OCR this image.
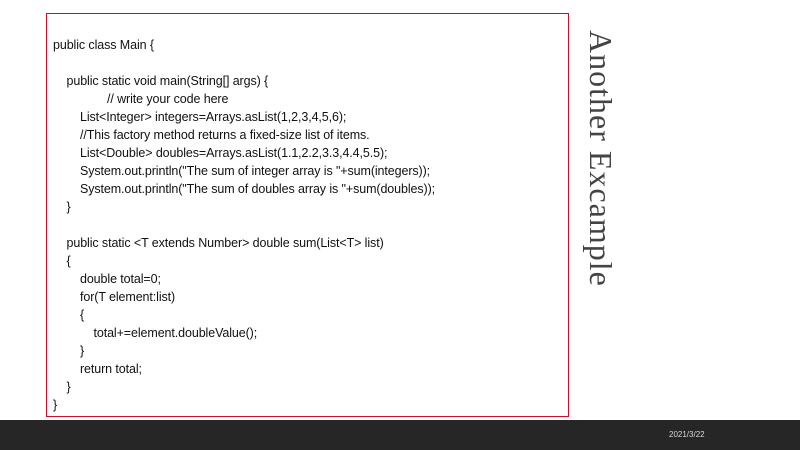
public class Main {
public static void main(String[] args) {
// write your code here
List<Integer> integers=Arrays.asList(1,2,3,4,5,6);
//This factory method returns a fixed-size list of items.
List<Double> doubles=Arrays.asList(1.1,2.2,3.3,4.4,5.5);
System.out.println("The sum of integer array is "+sum(integers));
System.out.println("The sum of doubles array is "+sum(doubles));
}
public static <T extends Number> double sum(List<T> list)
{
double total=0;
for(T element:list)
{
total+=element.doubleValue();
}
return total;
}
}
Another Excample
2021/3/22
